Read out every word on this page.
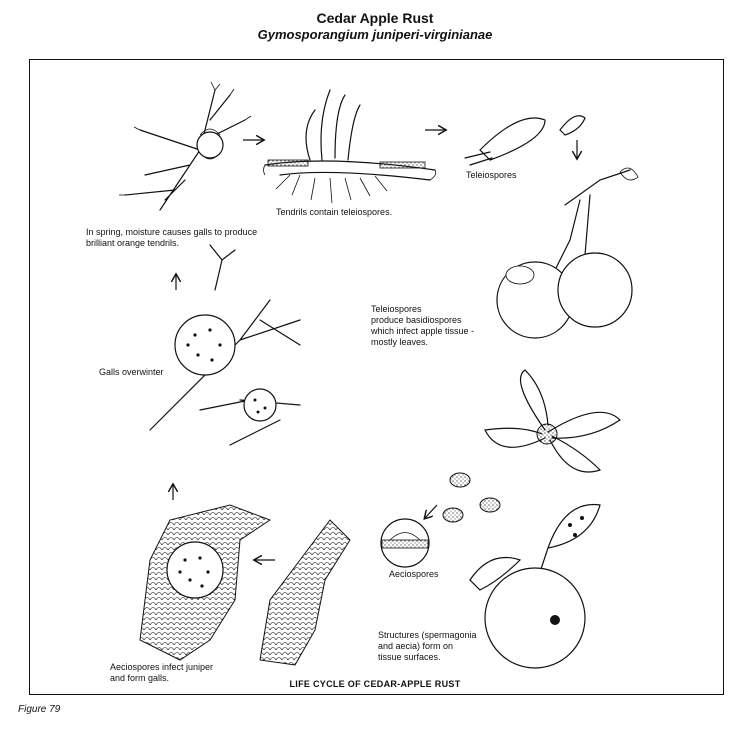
Cedar Apple Rust
Gymosporangium juniperi-virginianae
In spring, moisture causes galls to produce
brilliant orange tendrils.
Tendrils contain teleiospores.
Teleiospores
Teleiospores
produce basidiospores
which infect apple tissue -
mostly leaves.
Galls overwinter
Aeciospores
Structures (spermagonia
and aecia) form on
tissue surfaces.
Aeciospores infect juniper
and form galls.
LIFE CYCLE OF CEDAR-APPLE RUST
Figure 79
